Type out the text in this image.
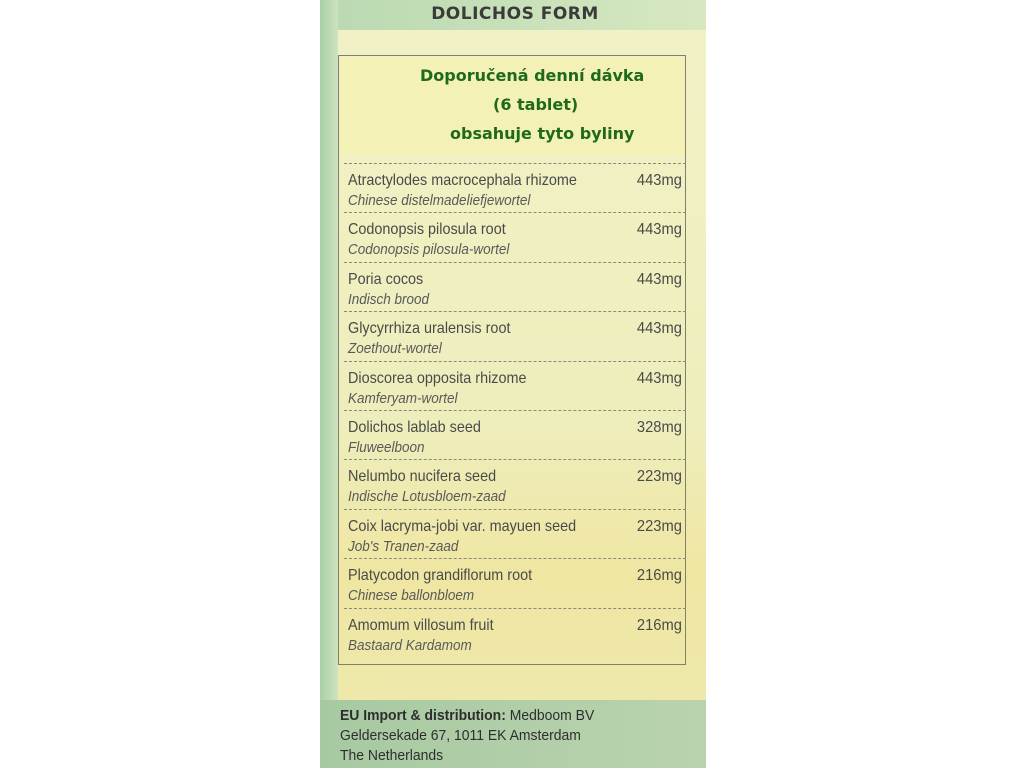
DOLICHOS FORM
Doporučená denní dávka
(6 tablet)
obsahuje tyto byliny
Atractylodes macrocephala rhizome
Chinese distelmadeliefjewortel
443mg
Codonopsis pilosula root
Codonopsis pilosula-wortel
443mg
Poria cocos
Indisch brood
443mg
Glycyrrhiza uralensis root
Zoethout-wortel
443mg
Dioscorea opposita rhizome
Kamferyam-wortel
443mg
Dolichos lablab seed
Fluweelboon
328mg
Nelumbo nucifera seed
Indische Lotusbloem-zaad
223mg
Coix lacryma-jobi var. mayuen seed
Job's Tranen-zaad
223mg
Platycodon grandiflorum root
Chinese ballonbloem
216mg
Amomum villosum fruit
Bastaard Kardamom
216mg
EU Import & distribution: Medboom BV
Geldersekade 67, 1011 EK Amsterdam
The Netherlands
